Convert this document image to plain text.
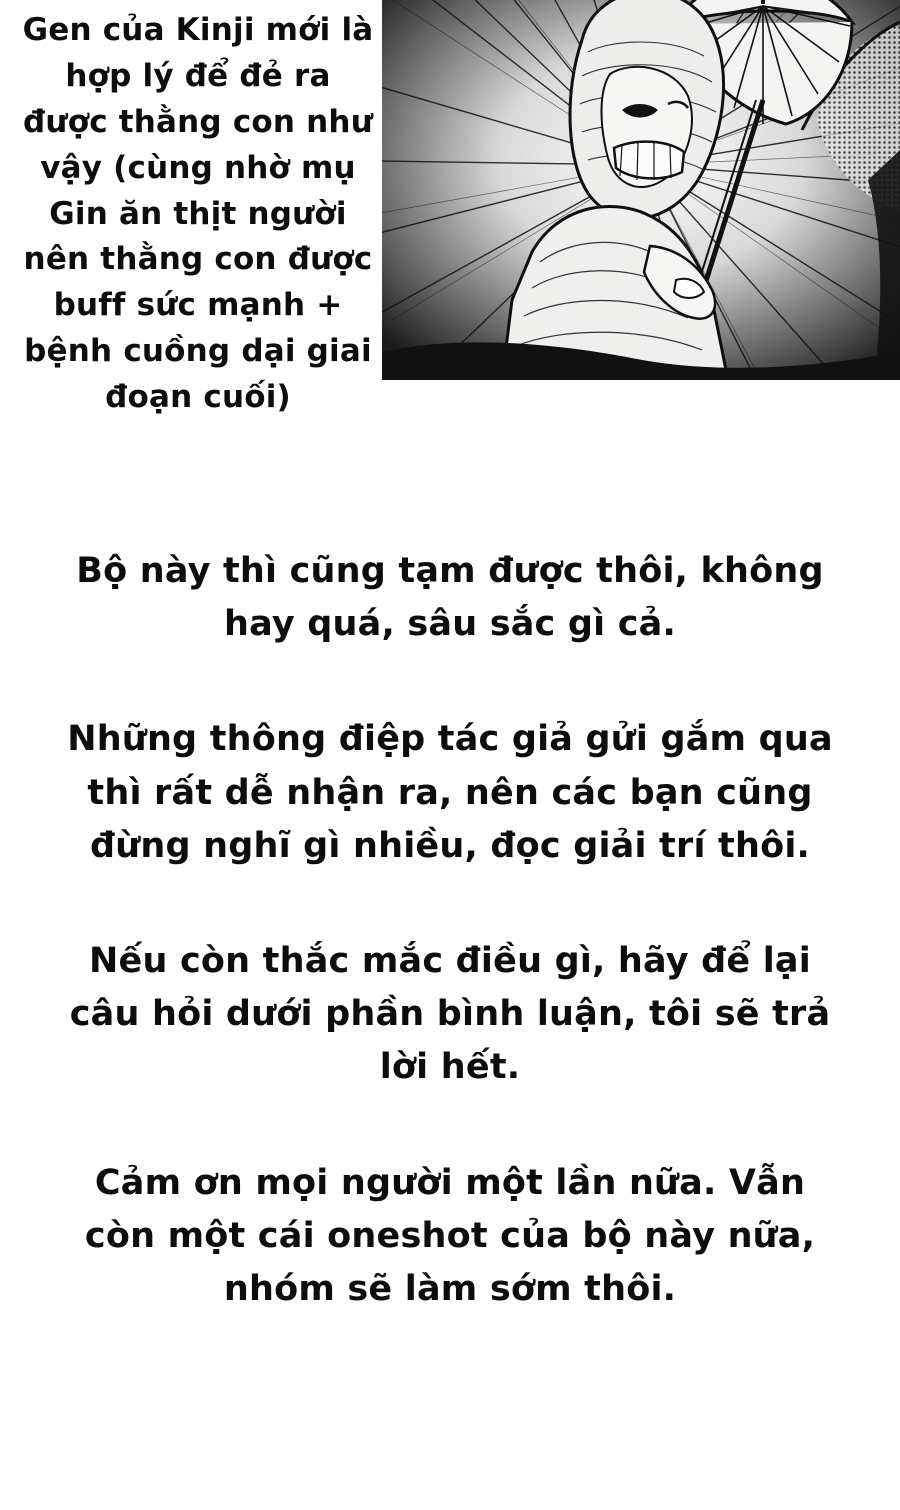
Gen của Kinji mới là hợp lý để đẻ ra được thằng con như vậy (cùng nhờ mụ Gin ăn thịt người nên thằng con được buff sức mạnh + bệnh cuồng dại giai đoạn cuối)

Bộ này thì cũng tạm được thôi, không hay quá, sâu sắc gì cả.

Những thông điệp tác giả gửi gắm qua thì rất dễ nhận ra, nên các bạn cũng đừng nghĩ gì nhiều, đọc giải trí thôi.

Nếu còn thắc mắc điều gì, hãy để lại câu hỏi dưới phần bình luận, tôi sẽ trả lời hết.

Cảm ơn mọi người một lần nữa. Vẫn còn một cái oneshot của bộ này nữa, nhóm sẽ làm sớm thôi.
